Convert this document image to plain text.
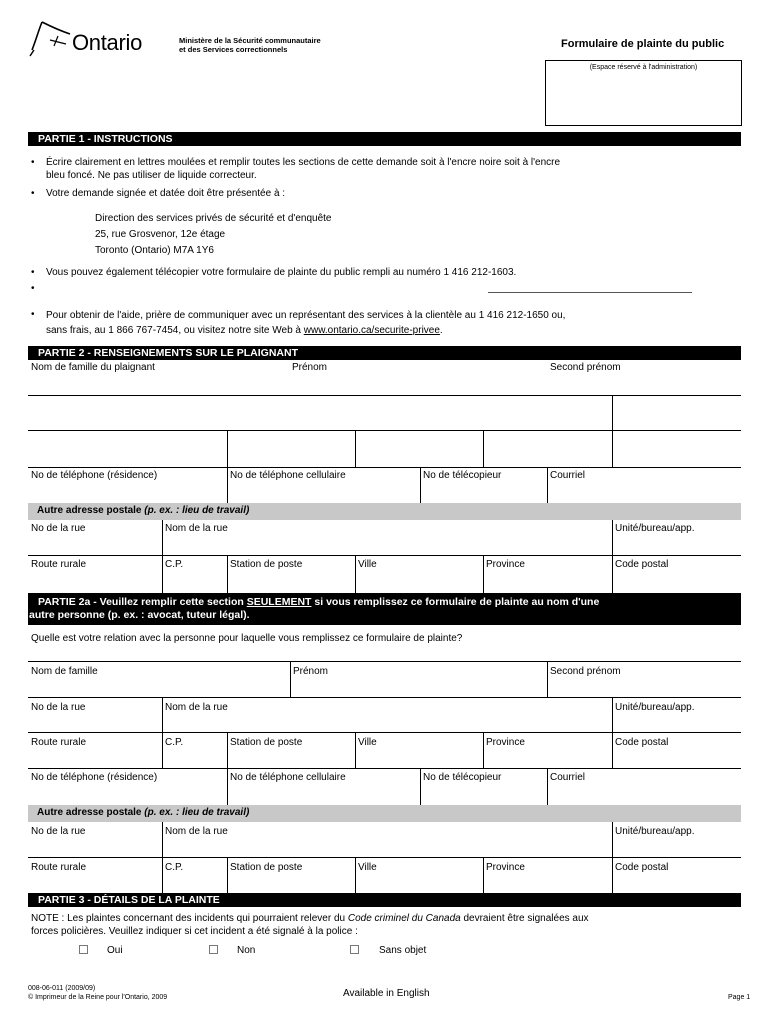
Ontario	Ministère de la Sécurité communautaire
et des Services correctionnels	Formulaire de plainte du public
(Espace réservé à l'administration)
PARTIE 1 - INSTRUCTIONS
• Écrire clairement en lettres moulées et remplir toutes les sections de cette demande soit à l'encre noire soit à l'encre
bleu foncé. Ne pas utiliser de liquide correcteur.
• Votre demande signée et datée doit être présentée à :
Direction des services privés de sécurité et d'enquête
25, rue Grosvenor, 12e étage
Toronto (Ontario) M7A 1Y6
• Vous pouvez également télécopier votre formulaire de plainte du public rempli au numéro 1 416 212-1603.
•
• Pour obtenir de l'aide, prière de communiquer avec un représentant des services à la clientèle au 1 416 212-1650 ou,
sans frais, au 1 866 767-7454, ou visitez notre site Web à www.ontario.ca/securite-privee.
PARTIE 2 - RENSEIGNEMENTS SUR LE PLAIGNANT
Nom de famille du plaignant	Prénom	Second prénom
No de téléphone (résidence)	No de téléphone cellulaire	No de télécopieur	Courriel
Autre adresse postale (p. ex. : lieu de travail)
No de la rue	Nom de la rue	Unité/bureau/app.
Route rurale	C.P.	Station de poste	Ville	Province	Code postal
PARTIE 2a - Veuillez remplir cette section SEULEMENT si vous remplissez ce formulaire de plainte au nom d'une
autre personne (p. ex. : avocat, tuteur légal).
Quelle est votre relation avec la personne pour laquelle vous remplissez ce formulaire de plainte?
Nom de famille	Prénom	Second prénom
No de la rue	Nom de la rue	Unité/bureau/app.
Route rurale	C.P.	Station de poste	Ville	Province	Code postal
No de téléphone (résidence)	No de téléphone cellulaire	No de télécopieur	Courriel
Autre adresse postale (p. ex. : lieu de travail)
No de la rue	Nom de la rue	Unité/bureau/app.
Route rurale	C.P.	Station de poste	Ville	Province	Code postal
PARTIE 3 - DÉTAILS DE LA PLAINTE
NOTE : Les plaintes concernant des incidents qui pourraient relever du Code criminel du Canada devraient être signalées aux
forces policières. Veuillez indiquer si cet incident a été signalé à la police :
Oui	Non	Sans objet
008-06-011 (2009/09)
© Imprimeur de la Reine pour l'Ontario, 2009	Available in English	Page 1
